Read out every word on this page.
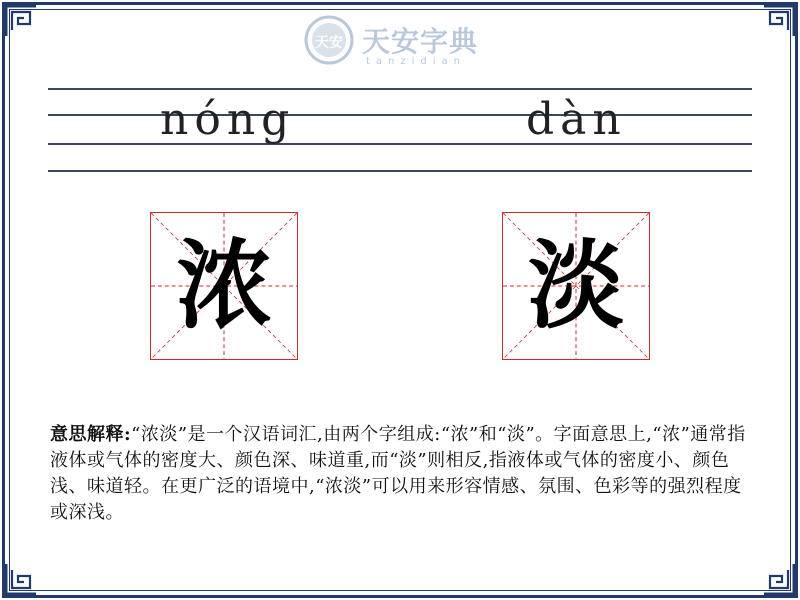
天安 天安字典
tanzidian
nóng	dàn
浓	淡
意思解释:“浓淡”是一个汉语词汇,由两个字组成:“浓”和“淡”。字面意思上,“浓”通常指液体或气体的密度大、颜色深、味道重,而“淡”则相反,指液体或气体的密度小、颜色浅、味道轻。在更广泛的语境中,“浓淡”可以用来形容情感、氛围、色彩等的强烈程度或深浅。
